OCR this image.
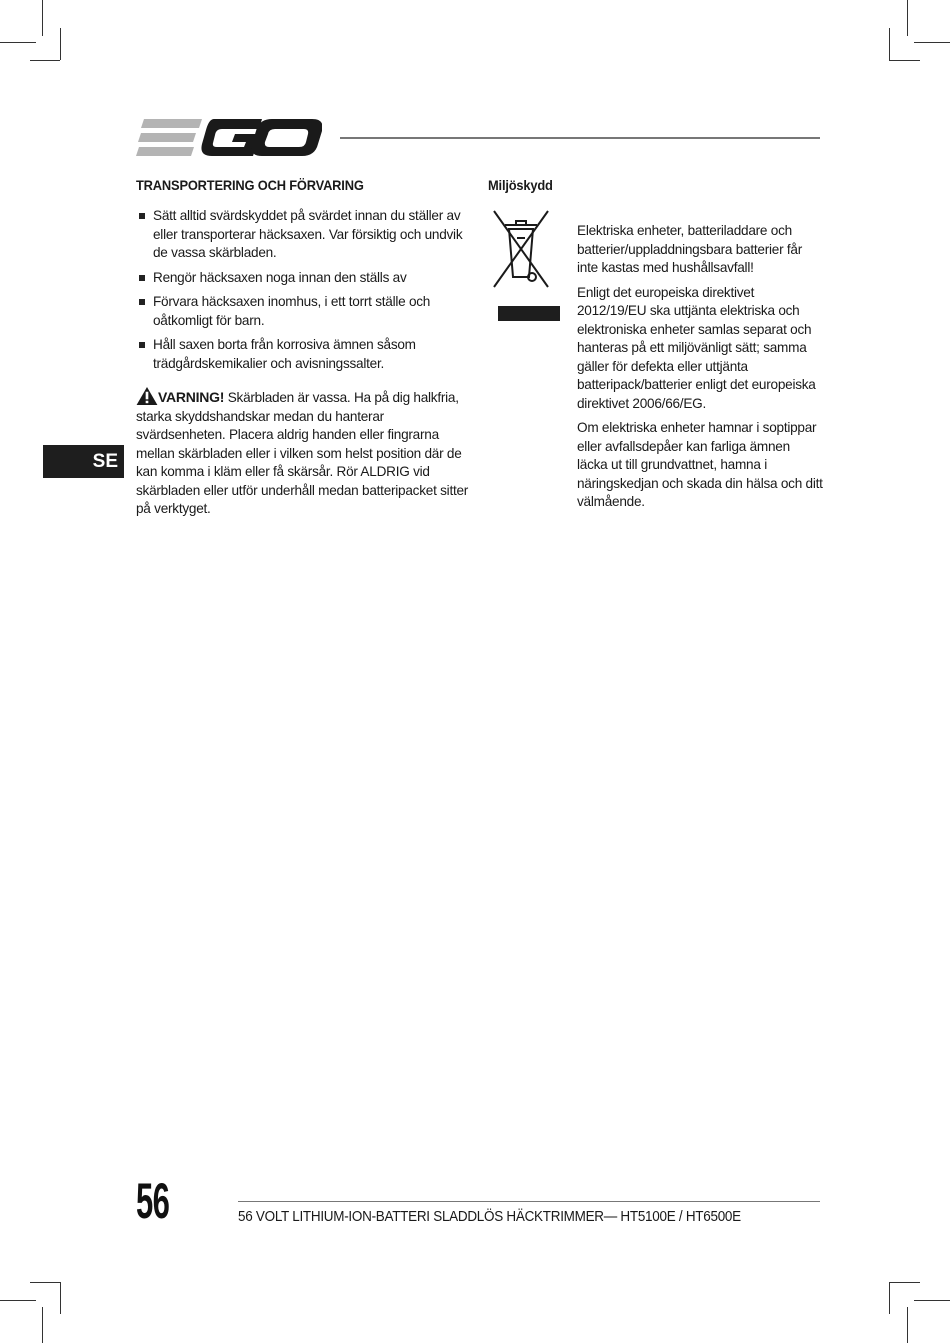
SE
TRANSPORTERING OCH FÖRVARING
Sätt alltid svärdskyddet på svärdet innan du ställer av eller transporterar häcksaxen. Var försiktig och undvik de vassa skärbladen.
Rengör häcksaxen noga innan den ställs av
Förvara häcksaxen inomhus, i ett torrt ställe och oåtkomligt för barn.
Håll saxen borta från korrosiva ämnen såsom trädgårdskemikalier och avisningssalter.
VARNING! Skärbladen är vassa. Ha på dig halkfria, starka skyddshandskar medan du hanterar svärdsenheten. Placera aldrig handen eller fingrarna mellan skärbladen eller i vilken som helst position där de kan komma i kläm eller få skärsår. Rör ALDRIG vid skärbladen eller utför underhåll medan batteripacket sitter på verktyget.
Miljöskydd

Elektriska enheter, batteriladdare och batterier/uppladdningsbara batterier får inte kastas med hushållsavfall!

Enligt det europeiska direktivet 2012/19/EU ska uttjänta elektriska och elektroniska enheter samlas separat och hanteras på ett miljövänligt sätt; samma gäller för defekta eller uttjänta batteripack/batterier enligt det europeiska direktivet 2006/66/EG.

Om elektriska enheter hamnar i soptippar eller avfallsdepåer kan farliga ämnen läcka ut till grundvattnet, hamna i näringskedjan och skada din hälsa och ditt välmående.

56	56 VOLT LITHIUM-ION-BATTERI SLADDLÖS HÄCKTRIMMER— HT5100E / HT6500E
